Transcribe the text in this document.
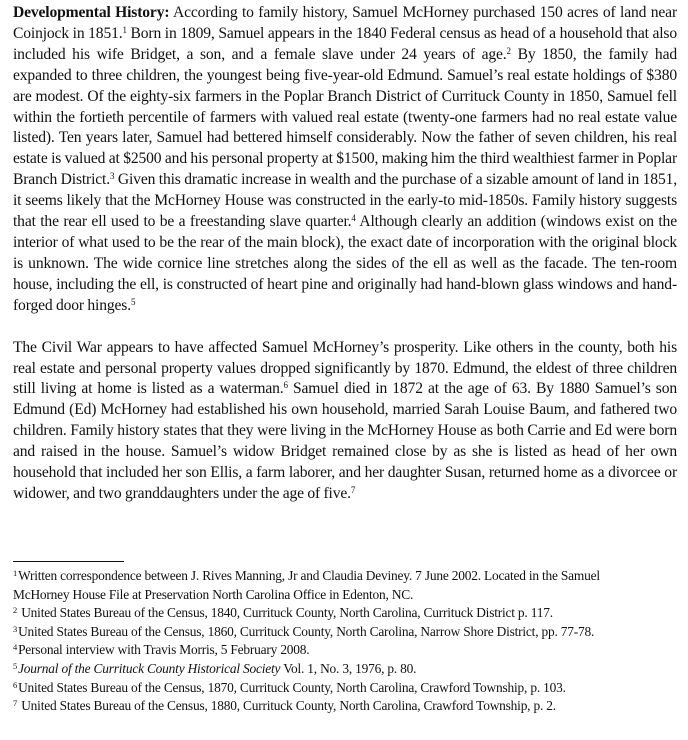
Developmental History: According to family history, Samuel McHorney purchased 150 acres of land near Coinjock in 1851.$^1$ Born in 1809, Samuel appears in the 1840 Federal census as head of a household that also included his wife Bridget, a son, and a female slave under 24 years of age.$^2$ By 1850, the family had expanded to three children, the youngest being five-year-old Edmund. Samuel’s real estate holdings of $380 are modest. Of the eighty-six farmers in the Poplar Branch District of Currituck County in 1850, Samuel fell within the fortieth percentile of farmers with valued real estate (twenty-one farmers had no real estate value listed). Ten years later, Samuel had bettered himself considerably. Now the father of seven children, his real estate is valued at $2500 and his personal property at $1500, making him the third wealthiest farmer in Poplar Branch District.$^3$ Given this dramatic increase in wealth and the purchase of a sizable amount of land in 1851, it seems likely that the McHorney House was constructed in the early-to mid-1850s. Family history suggests that the rear ell used to be a freestanding slave quarter.$^4$ Although clearly an addition (windows exist on the interior of what used to be the rear of the main block), the exact date of incorporation with the original block is unknown. The wide cornice line stretches along the sides of the ell as well as the facade. The ten-room house, including the ell, is constructed of heart pine and originally had hand-blown glass windows and hand-forged door hinges.$^5$

The Civil War appears to have affected Samuel McHorney’s prosperity. Like others in the county, both his real estate and personal property values dropped significantly by 1870. Edmund, the eldest of three children still living at home is listed as a waterman.$^6$ Samuel died in 1872 at the age of 63. By 1880 Samuel’s son Edmund (Ed) McHorney had established his own household, married Sarah Louise Baum, and fathered two children. Family history states that they were living in the McHorney House as both Carrie and Ed were born and raised in the house. Samuel’s widow Bridget remained close by as she is listed as head of her own household that included her son Ellis, a farm laborer, and her daughter Susan, returned home as a divorcee or widower, and two granddaughters under the age of five.$^7$

$^1$Written correspondence between J. Rives Manning, Jr and Claudia Deviney. 7 June 2002. Located in the Samuel McHorney House File at Preservation North Carolina Office in Edenton, NC.

$^2$ United States Bureau of the Census, 1840, Currituck County, North Carolina, Currituck District p. 117.

$^3$United States Bureau of the Census, 1860, Currituck County, North Carolina, Narrow Shore District, pp. 77-78.

$^4$Personal interview with Travis Morris, 5 February 2008.

$^5$Journal of the Currituck County Historical Society Vol. 1, No. 3, 1976, p. 80.

$^6$United States Bureau of the Census, 1870, Currituck County, North Carolina, Crawford Township, p. 103.

$^7$ United States Bureau of the Census, 1880, Currituck County, North Carolina, Crawford Township, p. 2.
